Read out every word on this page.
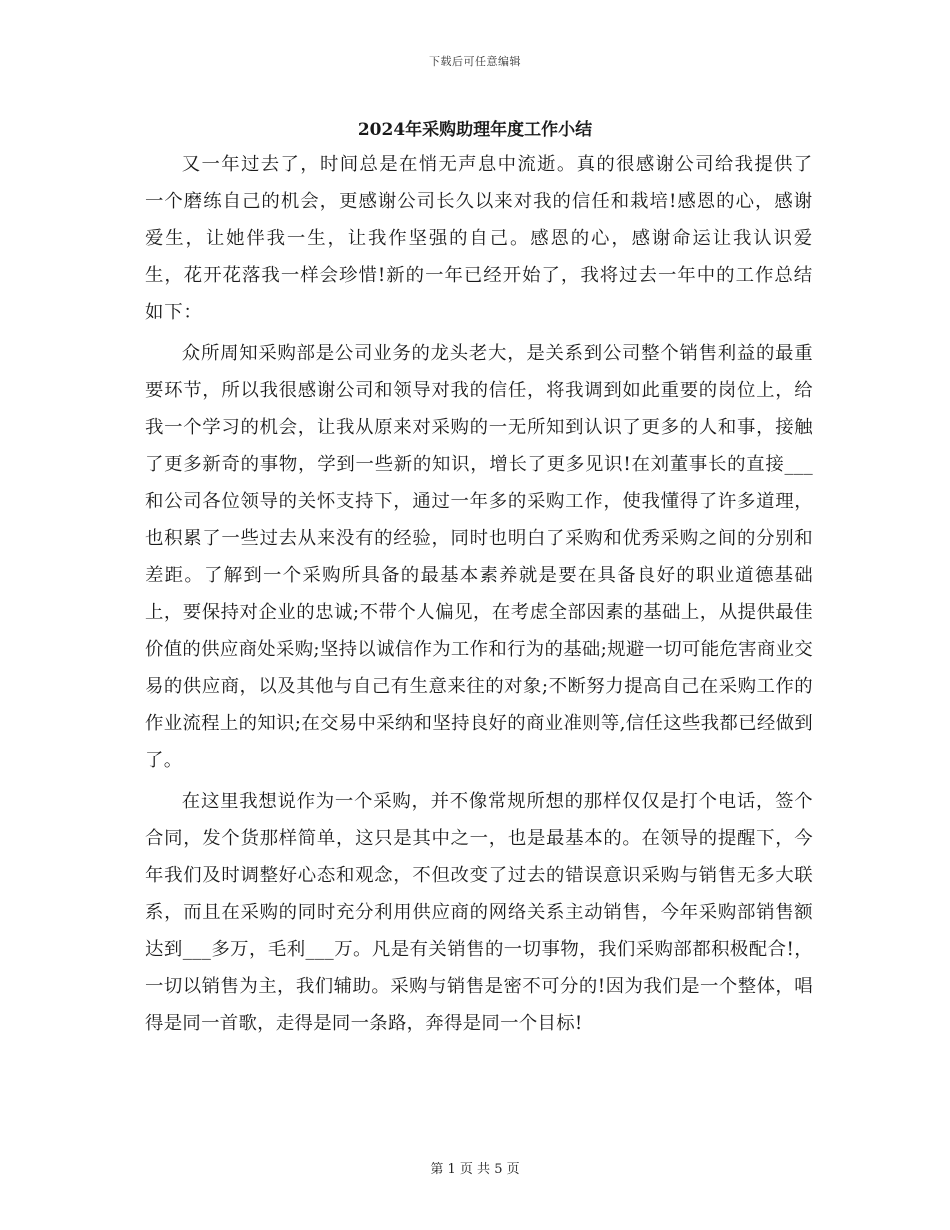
下载后可任意编辑
2024年采购助理年度工作小结

又一年过去了，时间总是在悄无声息中流逝。真的很感谢公司给我提供了一个磨练自己的机会，更感谢公司长久以来对我的信任和栽培!感恩的心，感谢爱生，让她伴我一生，让我作坚强的自己。感恩的心，感谢命运让我认识爱生，花开花落我一样会珍惜!新的一年已经开始了，我将过去一年中的工作总结如下：

众所周知采购部是公司业务的龙头老大，是关系到公司整个销售利益的最重要环节，所以我很感谢公司和领导对我的信任，将我调到如此重要的岗位上，给我一个学习的机会，让我从原来对采购的一无所知到认识了更多的人和事，接触了更多新奇的事物，学到一些新的知识，增长了更多见识!在刘董事长的直接___和公司各位领导的关怀支持下，通过一年多的采购工作，使我懂得了许多道理，也积累了一些过去从来没有的经验，同时也明白了采购和优秀采购之间的分别和差距。了解到一个采购所具备的最基本素养就是要在具备良好的职业道德基础上，要保持对企业的忠诚;不带个人偏见，在考虑全部因素的基础上，从提供最佳价值的供应商处采购;坚持以诚信作为工作和行为的基础;规避一切可能危害商业交易的供应商，以及其他与自己有生意来往的对象;不断努力提高自己在采购工作的作业流程上的知识;在交易中采纳和坚持良好的商业准则等,信任这些我都已经做到了。

在这里我想说作为一个采购，并不像常规所想的那样仅仅是打个电话，签个合同，发个货那样简单，这只是其中之一，也是最基本的。在领导的提醒下，今年我们及时调整好心态和观念，不但改变了过去的错误意识采购与销售无多大联系，而且在采购的同时充分利用供应商的网络关系主动销售，今年采购部销售额达到___多万，毛利___万。凡是有关销售的一切事物，我们采购部都积极配合!，一切以销售为主，我们辅助。采购与销售是密不可分的!因为我们是一个整体，唱得是同一首歌，走得是同一条路，奔得是同一个目标!

第 1 页 共 5 页
